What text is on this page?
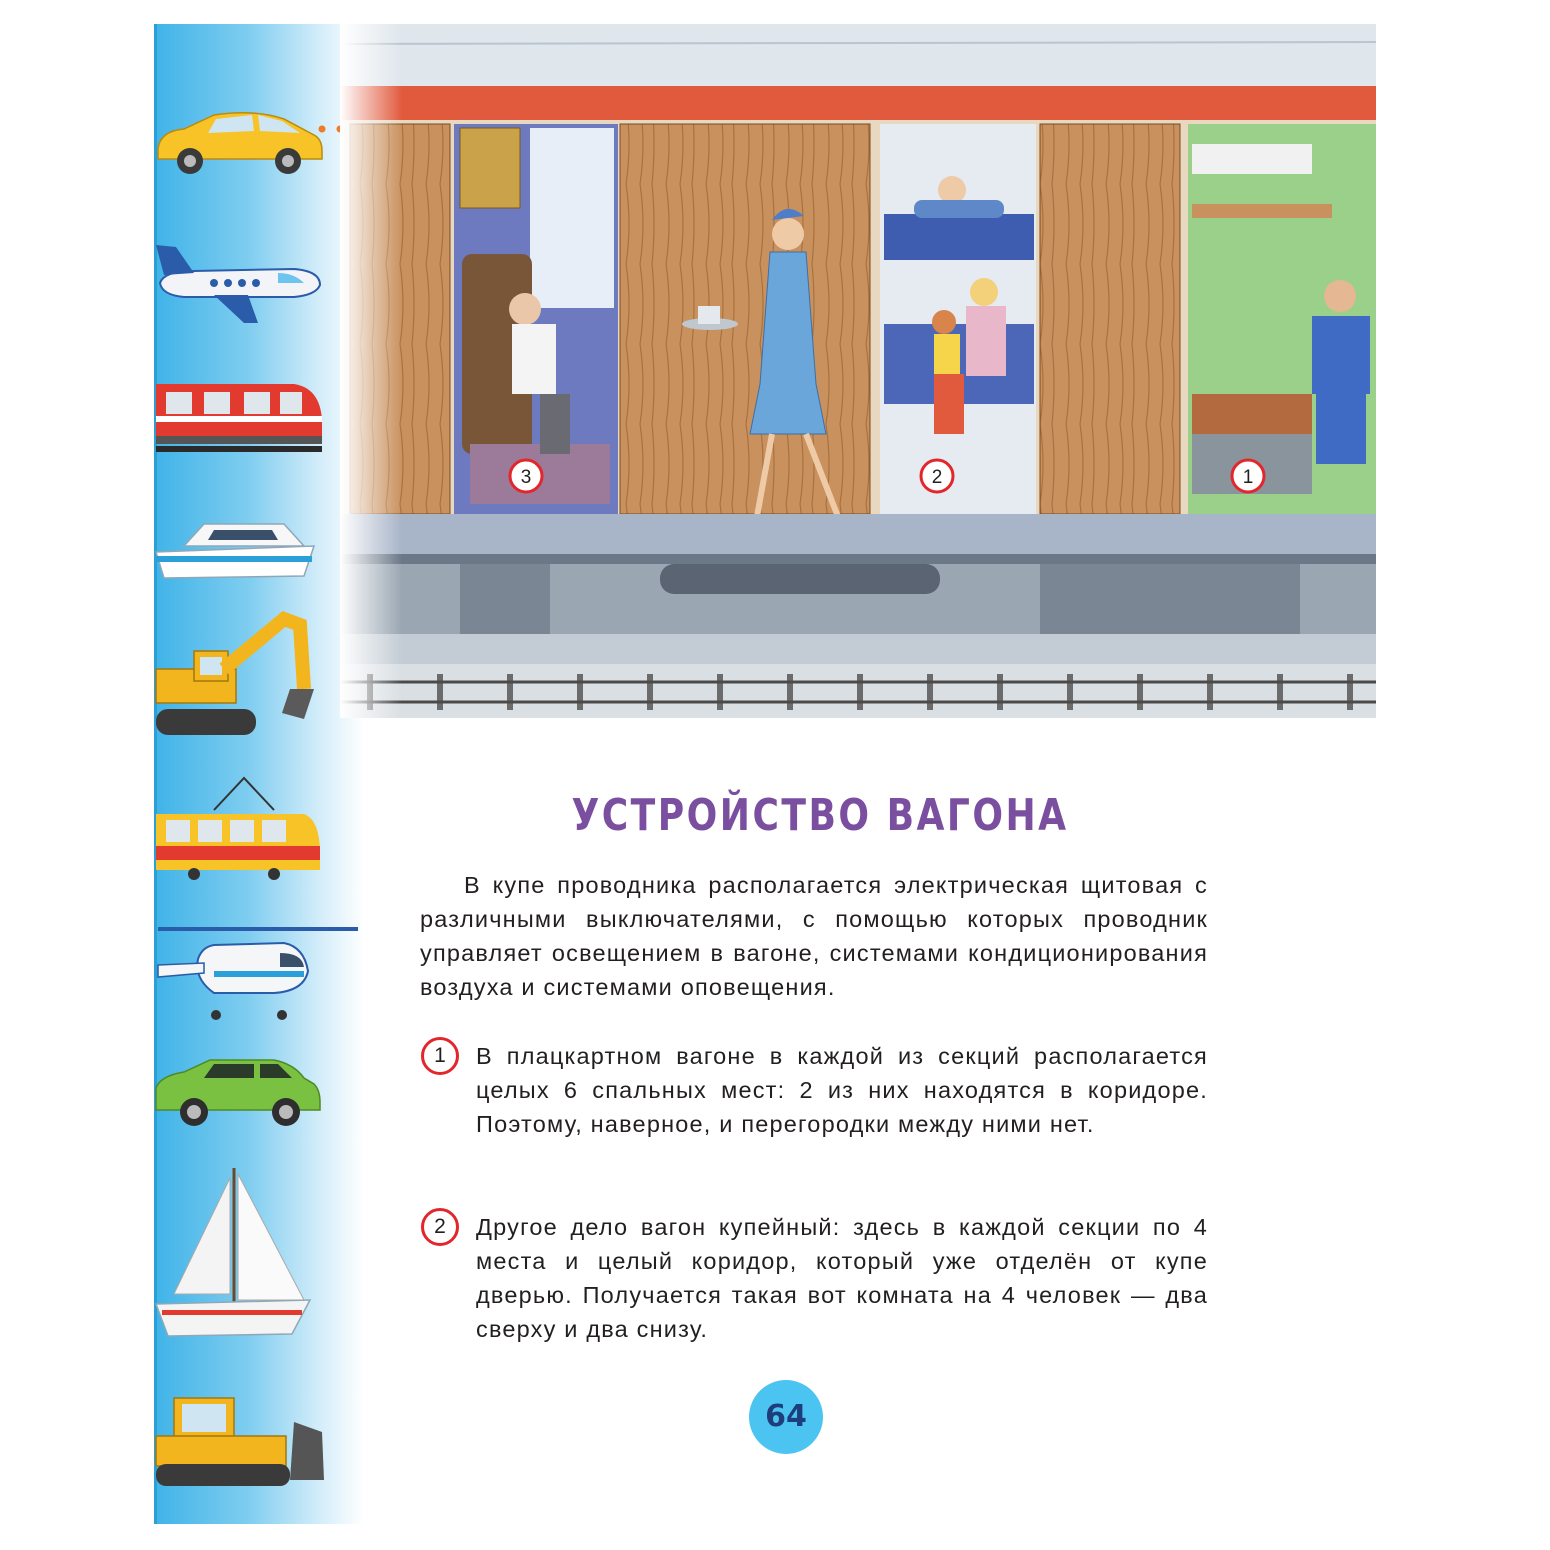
3	2	1
УСТРОЙСТВО ВАГОНА

В купе проводника располагается электрическая щитовая с различными выключателями, с помощью которых проводник управляет освещением в вагоне, системами кондиционирования воздуха и системами оповещения.

1	В плацкартном вагоне в каждой из секций располагается целых 6 спальных мест: 2 из них находятся в коридоре. Поэтому, наверное, и перегородки между ними нет.

2	Другое дело вагон купейный: здесь в каждой секции по 4 места и целый коридор, который уже отделён от купе дверью. Получается такая вот комната на 4 человек — два сверху и два снизу.

64
